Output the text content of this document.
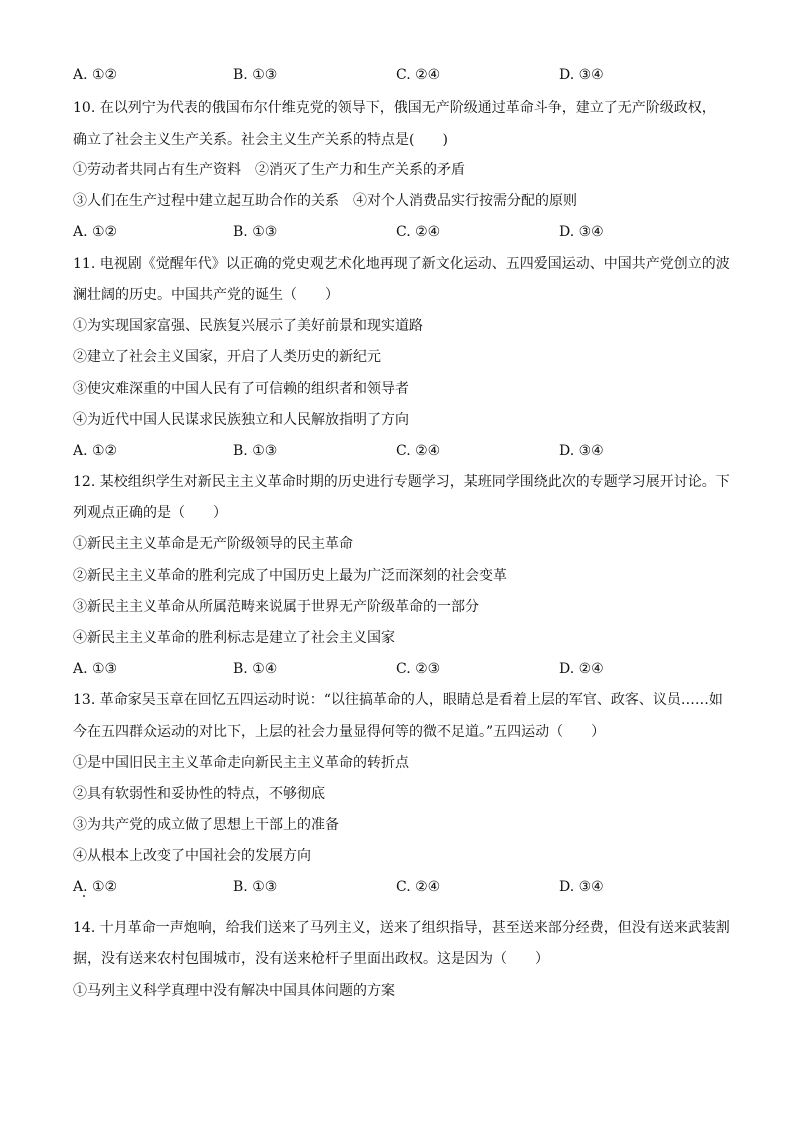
A. ①②	B. ①③	C. ②④	D. ③④
10. 在以列宁为代表的俄国布尔什维克党的领导下，俄国无产阶级通过革命斗争，建立了无产阶级政权，
确立了社会主义生产关系。社会主义生产关系的特点是(　　)
①劳动者共同占有生产资料　②消灭了生产力和生产关系的矛盾
③人们在生产过程中建立起互助合作的关系　④对个人消费品实行按需分配的原则
A. ①②	B. ①③	C. ②④	D. ③④
11. 电视剧《觉醒年代》以正确的党史观艺术化地再现了新文化运动、五四爱国运动、中国共产党创立的波
澜壮阔的历史。中国共产党的诞生（　　）
①为实现国家富强、民族复兴展示了美好前景和现实道路
②建立了社会主义国家，开启了人类历史的新纪元
③使灾难深重的中国人民有了可信赖的组织者和领导者
④为近代中国人民谋求民族独立和人民解放指明了方向
A. ①②	B. ①③	C. ②④	D. ③④
12. 某校组织学生对新民主主义革命时期的历史进行专题学习，某班同学围绕此次的专题学习展开讨论。下
列观点正确的是（　　）
①新民主主义革命是无产阶级领导的民主革命
②新民主主义革命的胜利完成了中国历史上最为广泛而深刻的社会变革
③新民主主义革命从所属范畴来说属于世界无产阶级革命的一部分
④新民主主义革命的胜利标志是建立了社会主义国家
A. ①③	B. ①④	C. ②③	D. ②④
13. 革命家吴玉章在回忆五四运动时说：“以往搞革命的人，眼睛总是看着上层的军官、政客、议员……如
今在五四群众运动的对比下，上层的社会力量显得何等的微不足道。”五四运动（　　）
①是中国旧民主主义革命走向新民主主义革命的转折点
②具有软弱性和妥协性的特点，不够彻底
③为共产党的成立做了思想上干部上的准备
④从根本上改变了中国社会的发展方向
A. ①②	B. ①③	C. ②④	D. ③④
14. 十月革命一声炮响，给我们送来了马列主义，送来了组织指导，甚至送来部分经费，但没有送来武装割
据，没有送来农村包围城市，没有送来枪杆子里面出政权。这是因为（　　）
①马列主义科学真理中没有解决中国具体问题的方案
